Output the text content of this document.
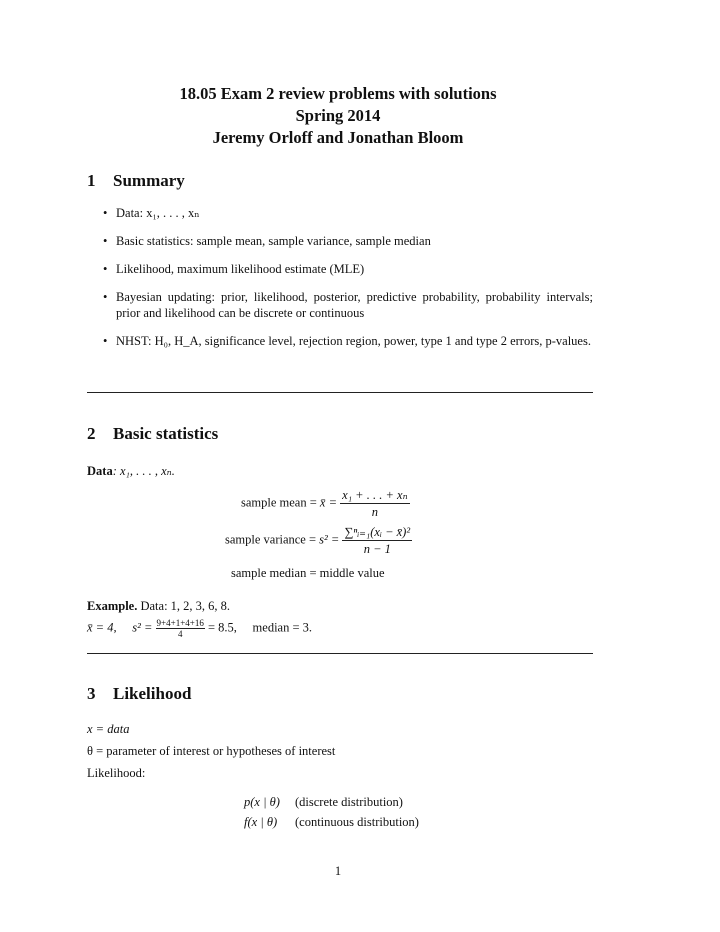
18.05 Exam 2 review problems with solutions
Spring 2014
Jeremy Orloff and Jonathan Bloom
1 Summary
• Data: x₁, . . . , xₙ
• Basic statistics: sample mean, sample variance, sample median
• Likelihood, maximum likelihood estimate (MLE)
• Bayesian updating: prior, likelihood, posterior, predictive probability, probability intervals; prior and likelihood can be discrete or continuous
• NHST: H₀, H_A, significance level, rejection region, power, type 1 and type 2 errors, p-values.
2 Basic statistics
Data: x₁, . . . , xₙ.
sample mean = x̄ = $\frac{\text{x₁ + . . . + xₙ}}{n}$
sample variance = $s^2 = \frac{\text{∑ⁿᵢ₌₁(xᵢ − x̄)²}}{n - 1}$
sample median = middle value
Example. Data: 1, 2, 3, 6, 8.
x̄ = 4, $s^2 = \frac{9+4+1+4+16}{4} = 8.5$, median = 3.
3 Likelihood
x = data
θ = parameter of interest or hypotheses of interest
Likelihood:
p(x | θ) (discrete distribution)
f(x | θ) (continuous distribution)
1
